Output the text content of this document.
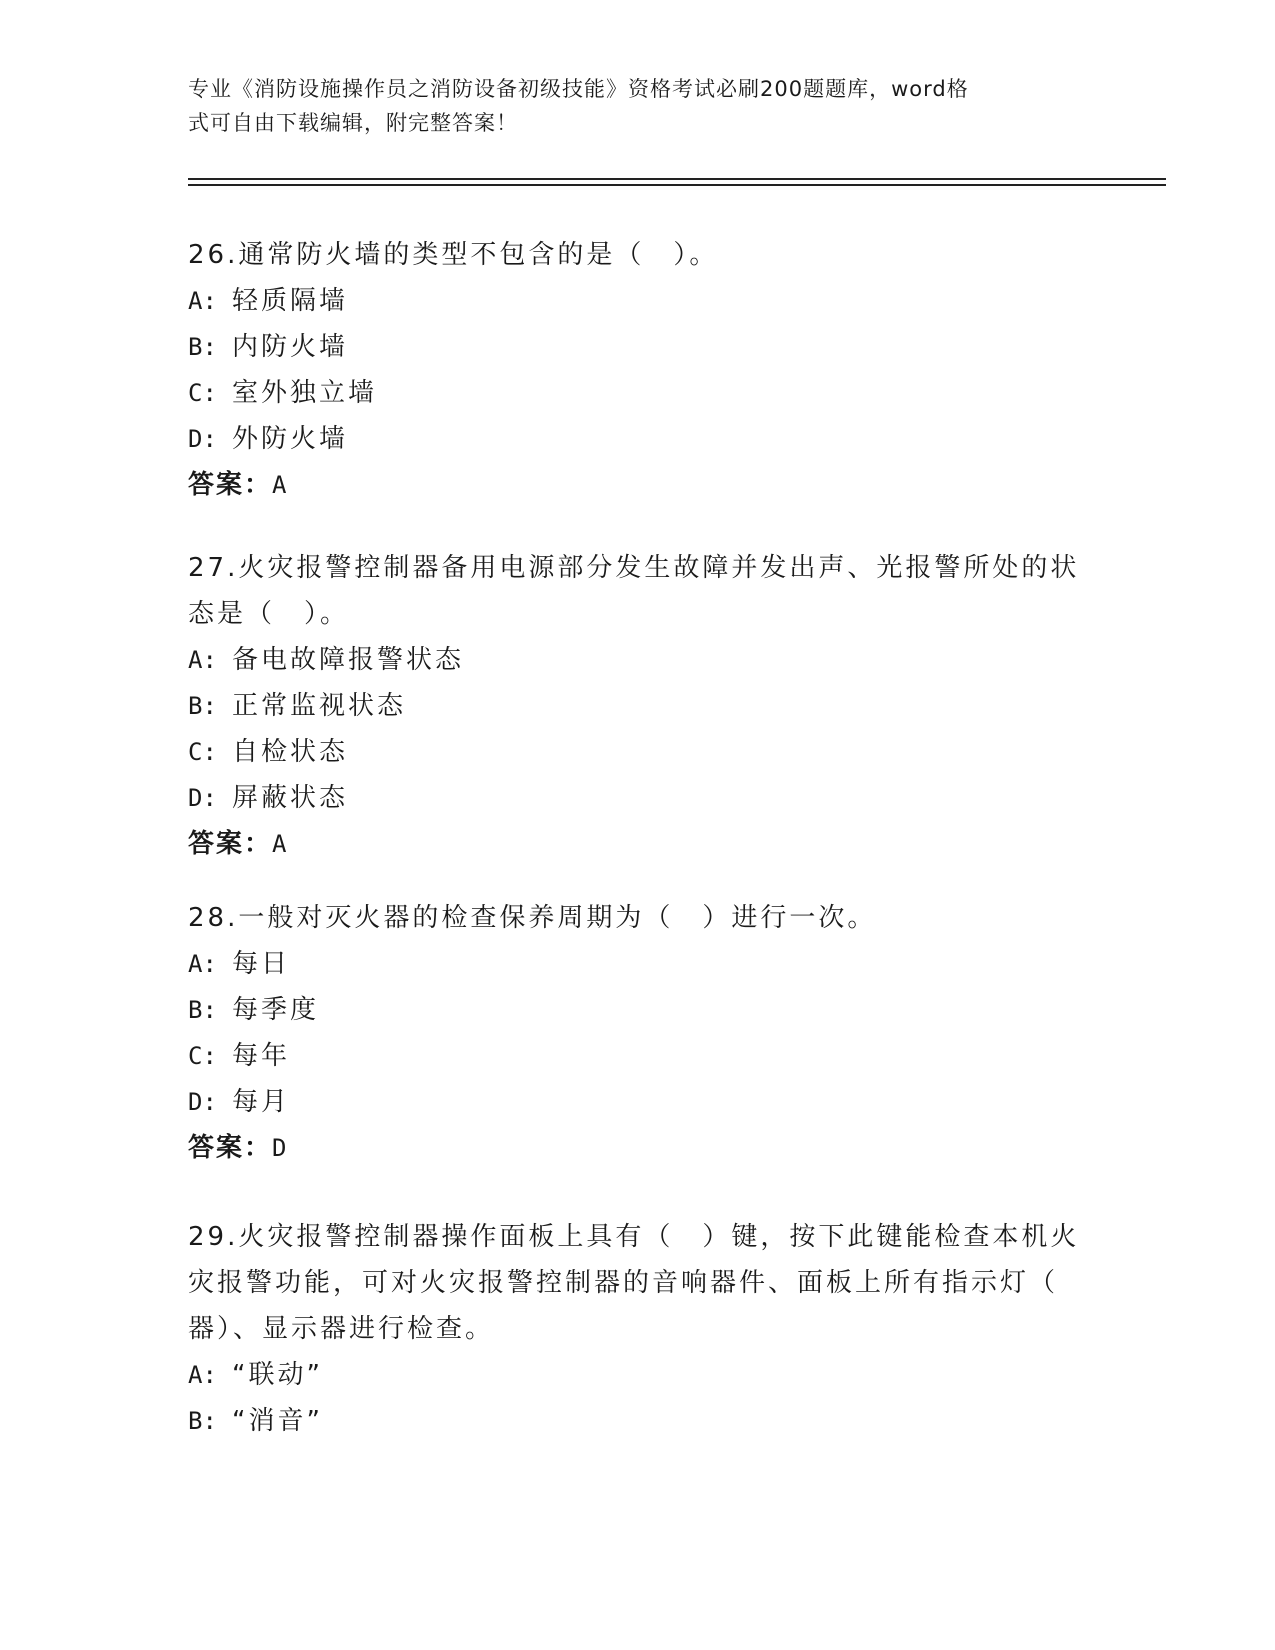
专业《消防设施操作员之消防设备初级技能》资格考试必刷200题题库，word格
式可自由下载编辑，附完整答案！
26.通常防火墙的类型不包含的是（　）。
A: 轻质隔墙
B: 内防火墙
C: 室外独立墙
D: 外防火墙
答案：A
27.火灾报警控制器备用电源部分发生故障并发出声、光报警所处的状
态是（　）。
A: 备电故障报警状态
B: 正常监视状态
C: 自检状态
D: 屏蔽状态
答案：A
28.一般对灭火器的检查保养周期为（　）进行一次。
A: 每日
B: 每季度
C: 每年
D: 每月
答案：D
29.火灾报警控制器操作面板上具有（　）键，按下此键能检查本机火
灾报警功能，可对火灾报警控制器的音响器件、面板上所有指示灯（
器）、显示器进行检查。
A: “联动”
B: “消音”
